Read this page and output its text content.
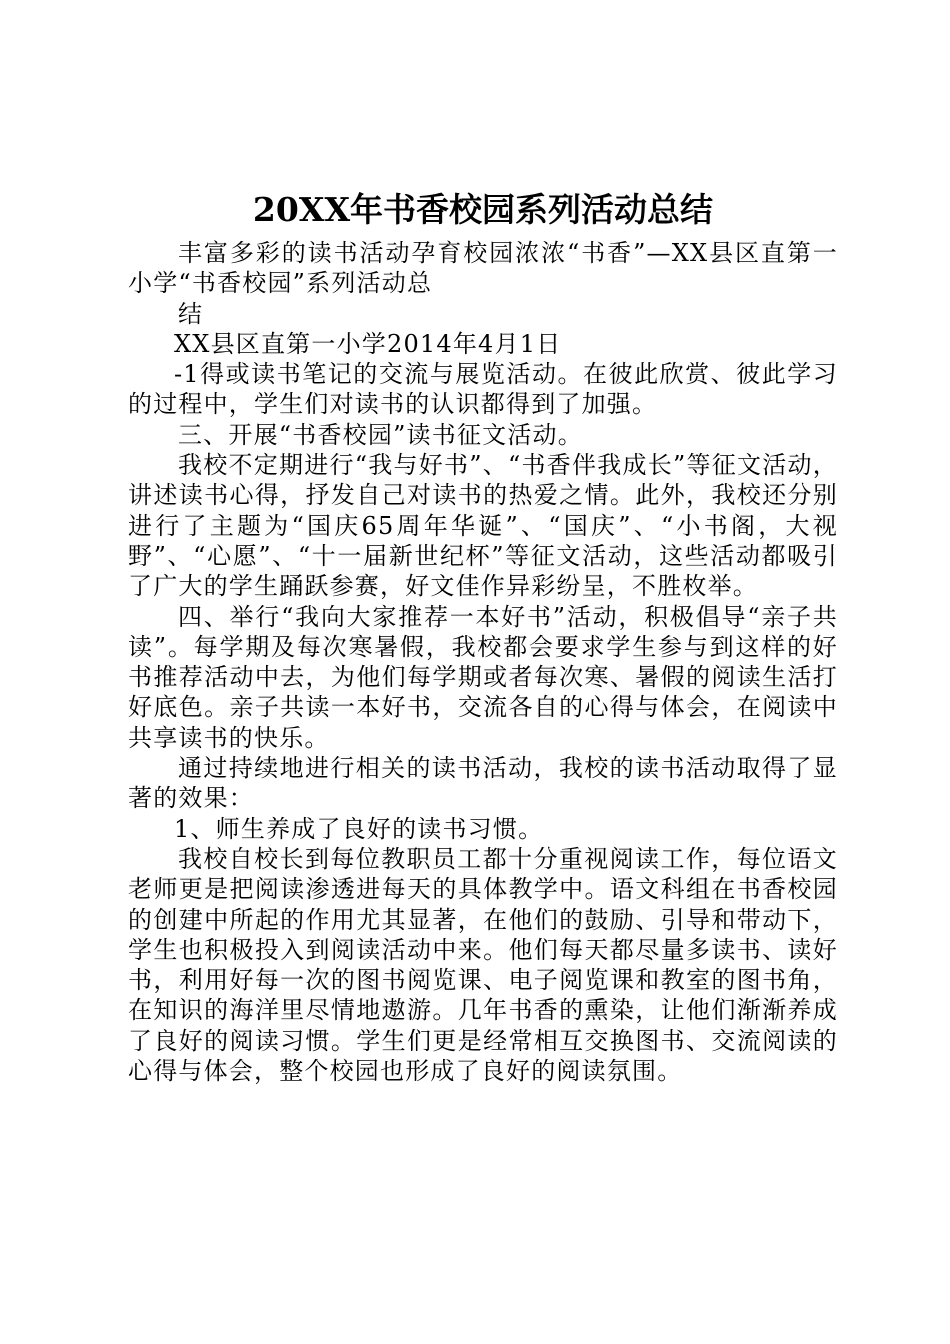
20XX年书香校园系列活动总结

丰富多彩的读书活动孕育校园浓浓“书香”—XX县区直第一小学“书香校园”系列活动总

结

XX县区直第一小学2014年4月1日

-1得或读书笔记的交流与展览活动。在彼此欣赏、彼此学习的过程中，学生们对读书的认识都得到了加强。

三、开展“书香校园”读书征文活动。

我校不定期进行“我与好书”、“书香伴我成长”等征文活动，讲述读书心得，抒发自己对读书的热爱之情。此外，我校还分别进行了主题为“国庆65周年华诞”、“国庆”、“小书阁，大视野”、“心愿”、“十一届新世纪杯”等征文活动，这些活动都吸引了广大的学生踊跃参赛，好文佳作异彩纷呈，不胜枚举。

四、举行“我向大家推荐一本好书”活动，积极倡导“亲子共读”。每学期及每次寒暑假，我校都会要求学生参与到这样的好书推荐活动中去，为他们每学期或者每次寒、暑假的阅读生活打好底色。亲子共读一本好书，交流各自的心得与体会，在阅读中共享读书的快乐。

通过持续地进行相关的读书活动，我校的读书活动取得了显著的效果：

1、师生养成了良好的读书习惯。

我校自校长到每位教职员工都十分重视阅读工作，每位语文老师更是把阅读渗透进每天的具体教学中。语文科组在书香校园的创建中所起的作用尤其显著，在他们的鼓励、引导和带动下，学生也积极投入到阅读活动中来。他们每天都尽量多读书、读好书，利用好每一次的图书阅览课、电子阅览课和教室的图书角，在知识的海洋里尽情地遨游。几年书香的熏染，让他们渐渐养成了良好的阅读习惯。学生们更是经常相互交换图书、交流阅读的心得与体会，整个校园也形成了良好的阅读氛围。
